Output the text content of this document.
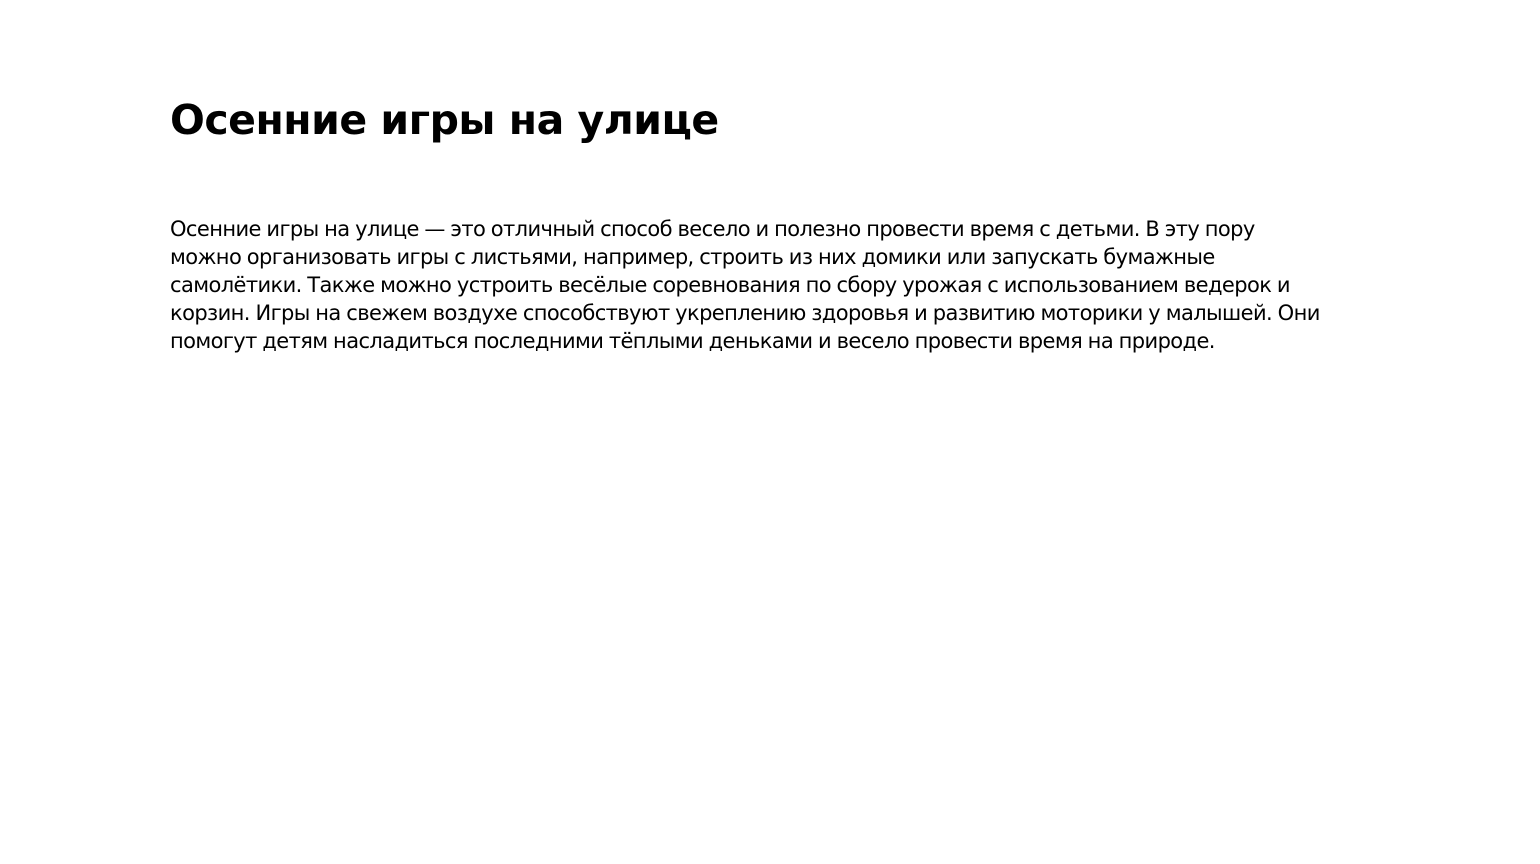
Осенние игры на улице

Осенние игры на улице — это отличный способ весело и полезно провести время с детьми. В эту пору
можно организовать игры с листьями, например, строить из них домики или запускать бумажные
самолётики. Также можно устроить весёлые соревнования по сбору урожая с использованием ведерок и
корзин. Игры на свежем воздухе способствуют укреплению здоровья и развитию моторики у малышей. Они
помогут детям насладиться последними тёплыми деньками и весело провести время на природе.
